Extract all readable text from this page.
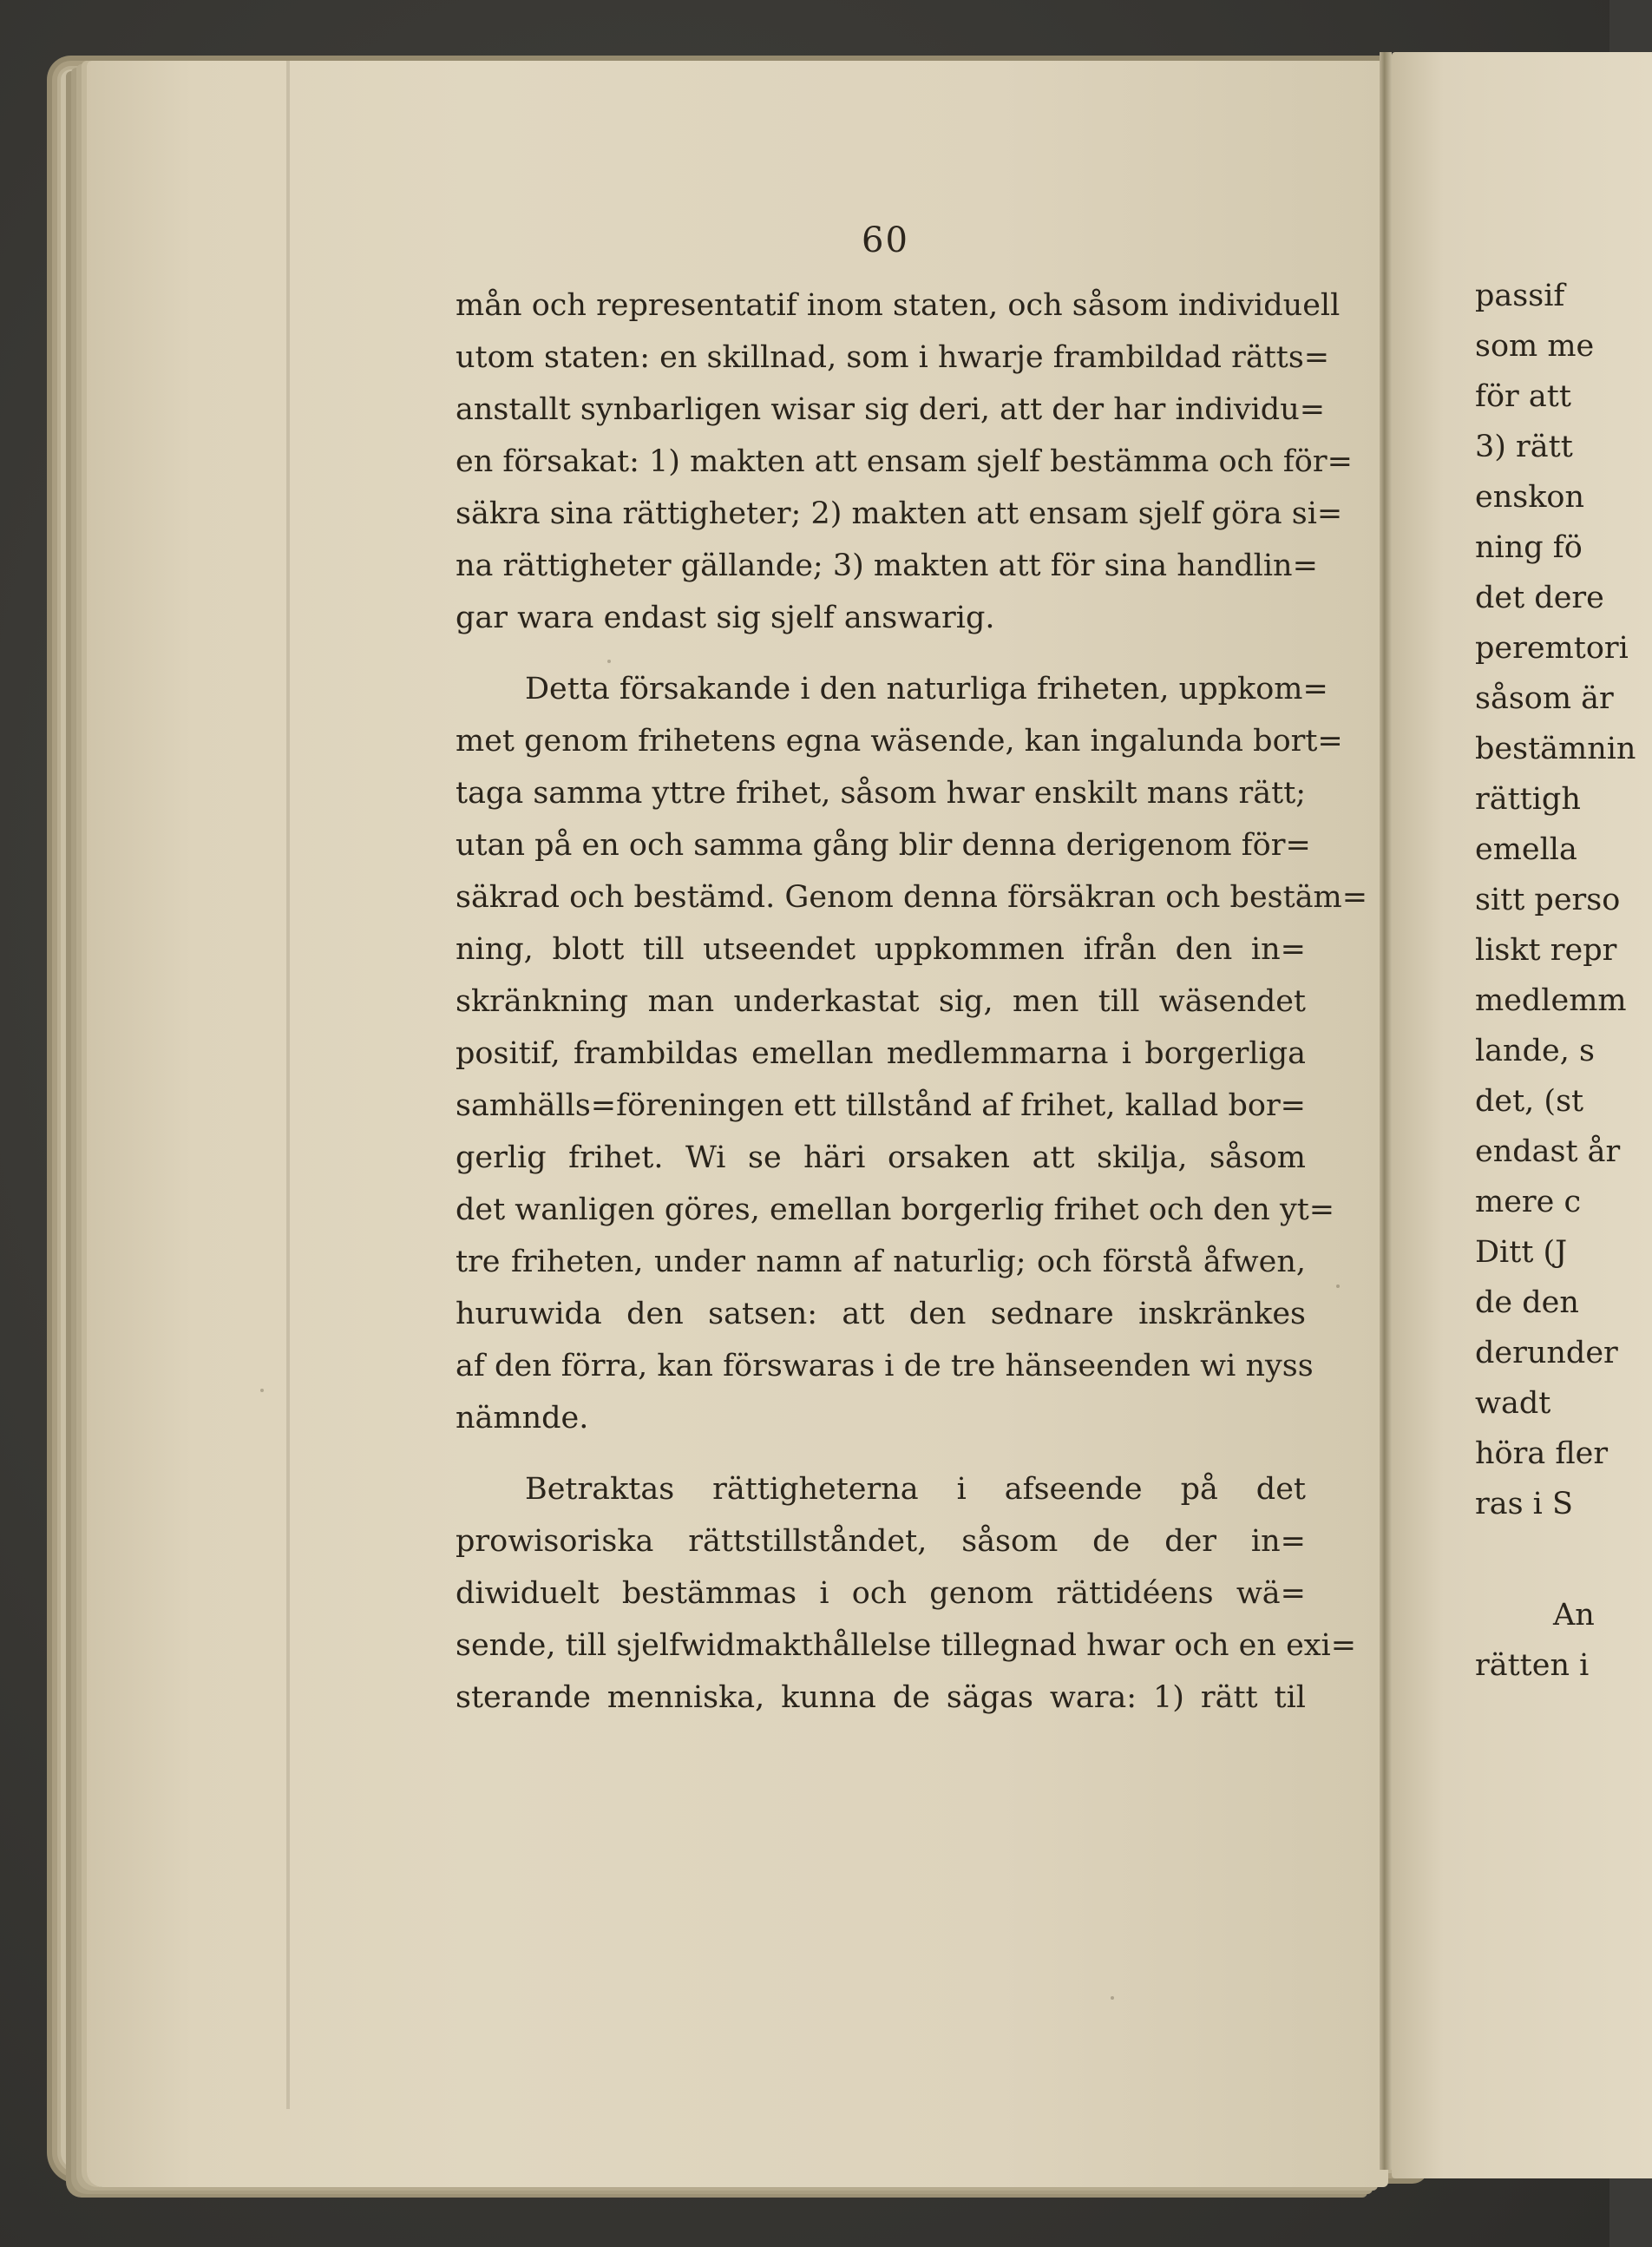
60
mån och representatif inom staten, och såsom individuell
utom staten: en skillnad, som i hwarje frambildad rätts=
anstallt synbarligen wisar sig deri, att der har individu=
en försakat: 1) makten att ensam sjelf bestämma och för=
säkra sina rättigheter; 2) makten att ensam sjelf göra si=
na rättigheter gällande; 3) makten att för sina handlin=
gar wara endast sig sjelf answarig.
Detta försakande i den naturliga friheten, uppkom=
met genom frihetens egna wäsende, kan ingalunda bort=
taga samma yttre frihet, såsom hwar enskilt mans rätt;
utan på en och samma gång blir denna derigenom för=
säkrad och bestämd. Genom denna försäkran och bestäm=
ning, blott till utseendet uppkommen ifrån den in=
skränkning man underkastat sig, men till wäsendet
positif, frambildas emellan medlemmarna i borgerliga
samhälls=föreningen ett tillstånd af frihet, kallad bor=
gerlig frihet. Wi se häri orsaken att skilja, såsom
det wanligen göres, emellan borgerlig frihet och den yt=
tre friheten, under namn af naturlig; och förstå åfwen,
huruwida den satsen: att den sednare inskränkes
af den förra, kan förswaras i de tre hänseenden wi nyss
nämnde.
Betraktas rättigheterna i afseende på det
prowisoriska rättstillståndet, såsom de der in=
diwiduelt bestämmas i och genom rättidéens wä=
sende, till sjelfwidmakthållelse tillegnad hwar och en exi=
sterande menniska, kunna de sägas wara: 1) rätt til
passif
som me
för att
3) rätt
enskon
ning fö
det dere
peremtori
såsom är
bestämnin
rättigh
emella
sitt perso
liskt repr
medlemm
lande, s
det, (st
endast år
mere c
Ditt (J
de den
derunder
wadt
höra fler
ras i S
An
rätten i
